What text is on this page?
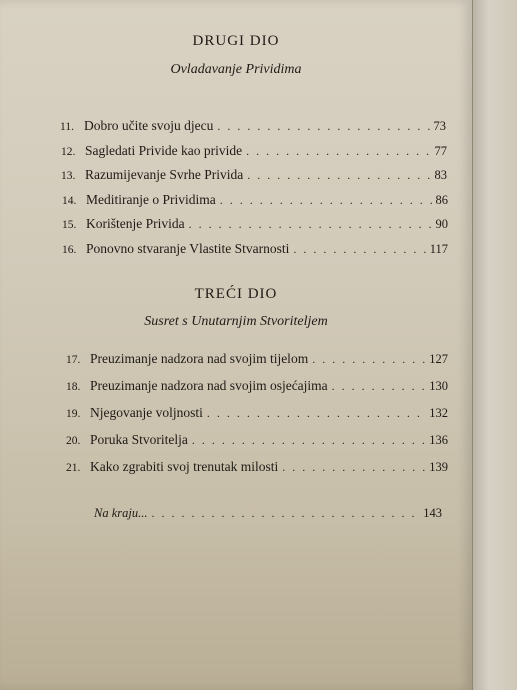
DRUGI DIO
Ovladavanje Prividima
11. Dobro učite svoju djecu . . .	73
12. Sagledati Privide kao privide . . .	77
13. Razumijevanje Svrhe Privida . . .	83
14. Meditiranje o Prividima . . .	86
15. Korištenje Privida . . .	90
16. Ponovno stvaranje Vlastite Stvarnosti . . .	117
TREĆI DIO
Susret s Unutarnjim Stvoriteljem
17. Preuzimanje nadzora nad svojim tijelom . . .	127
18. Preuzimanje nadzora nad svojim osjećajima . . .	130
19. Njegovanje voljnosti . . .	132
20. Poruka Stvoritelja . . .	136
21. Kako zgrabiti svoj trenutak milosti . . .	139
Na kraju... . . .	143
